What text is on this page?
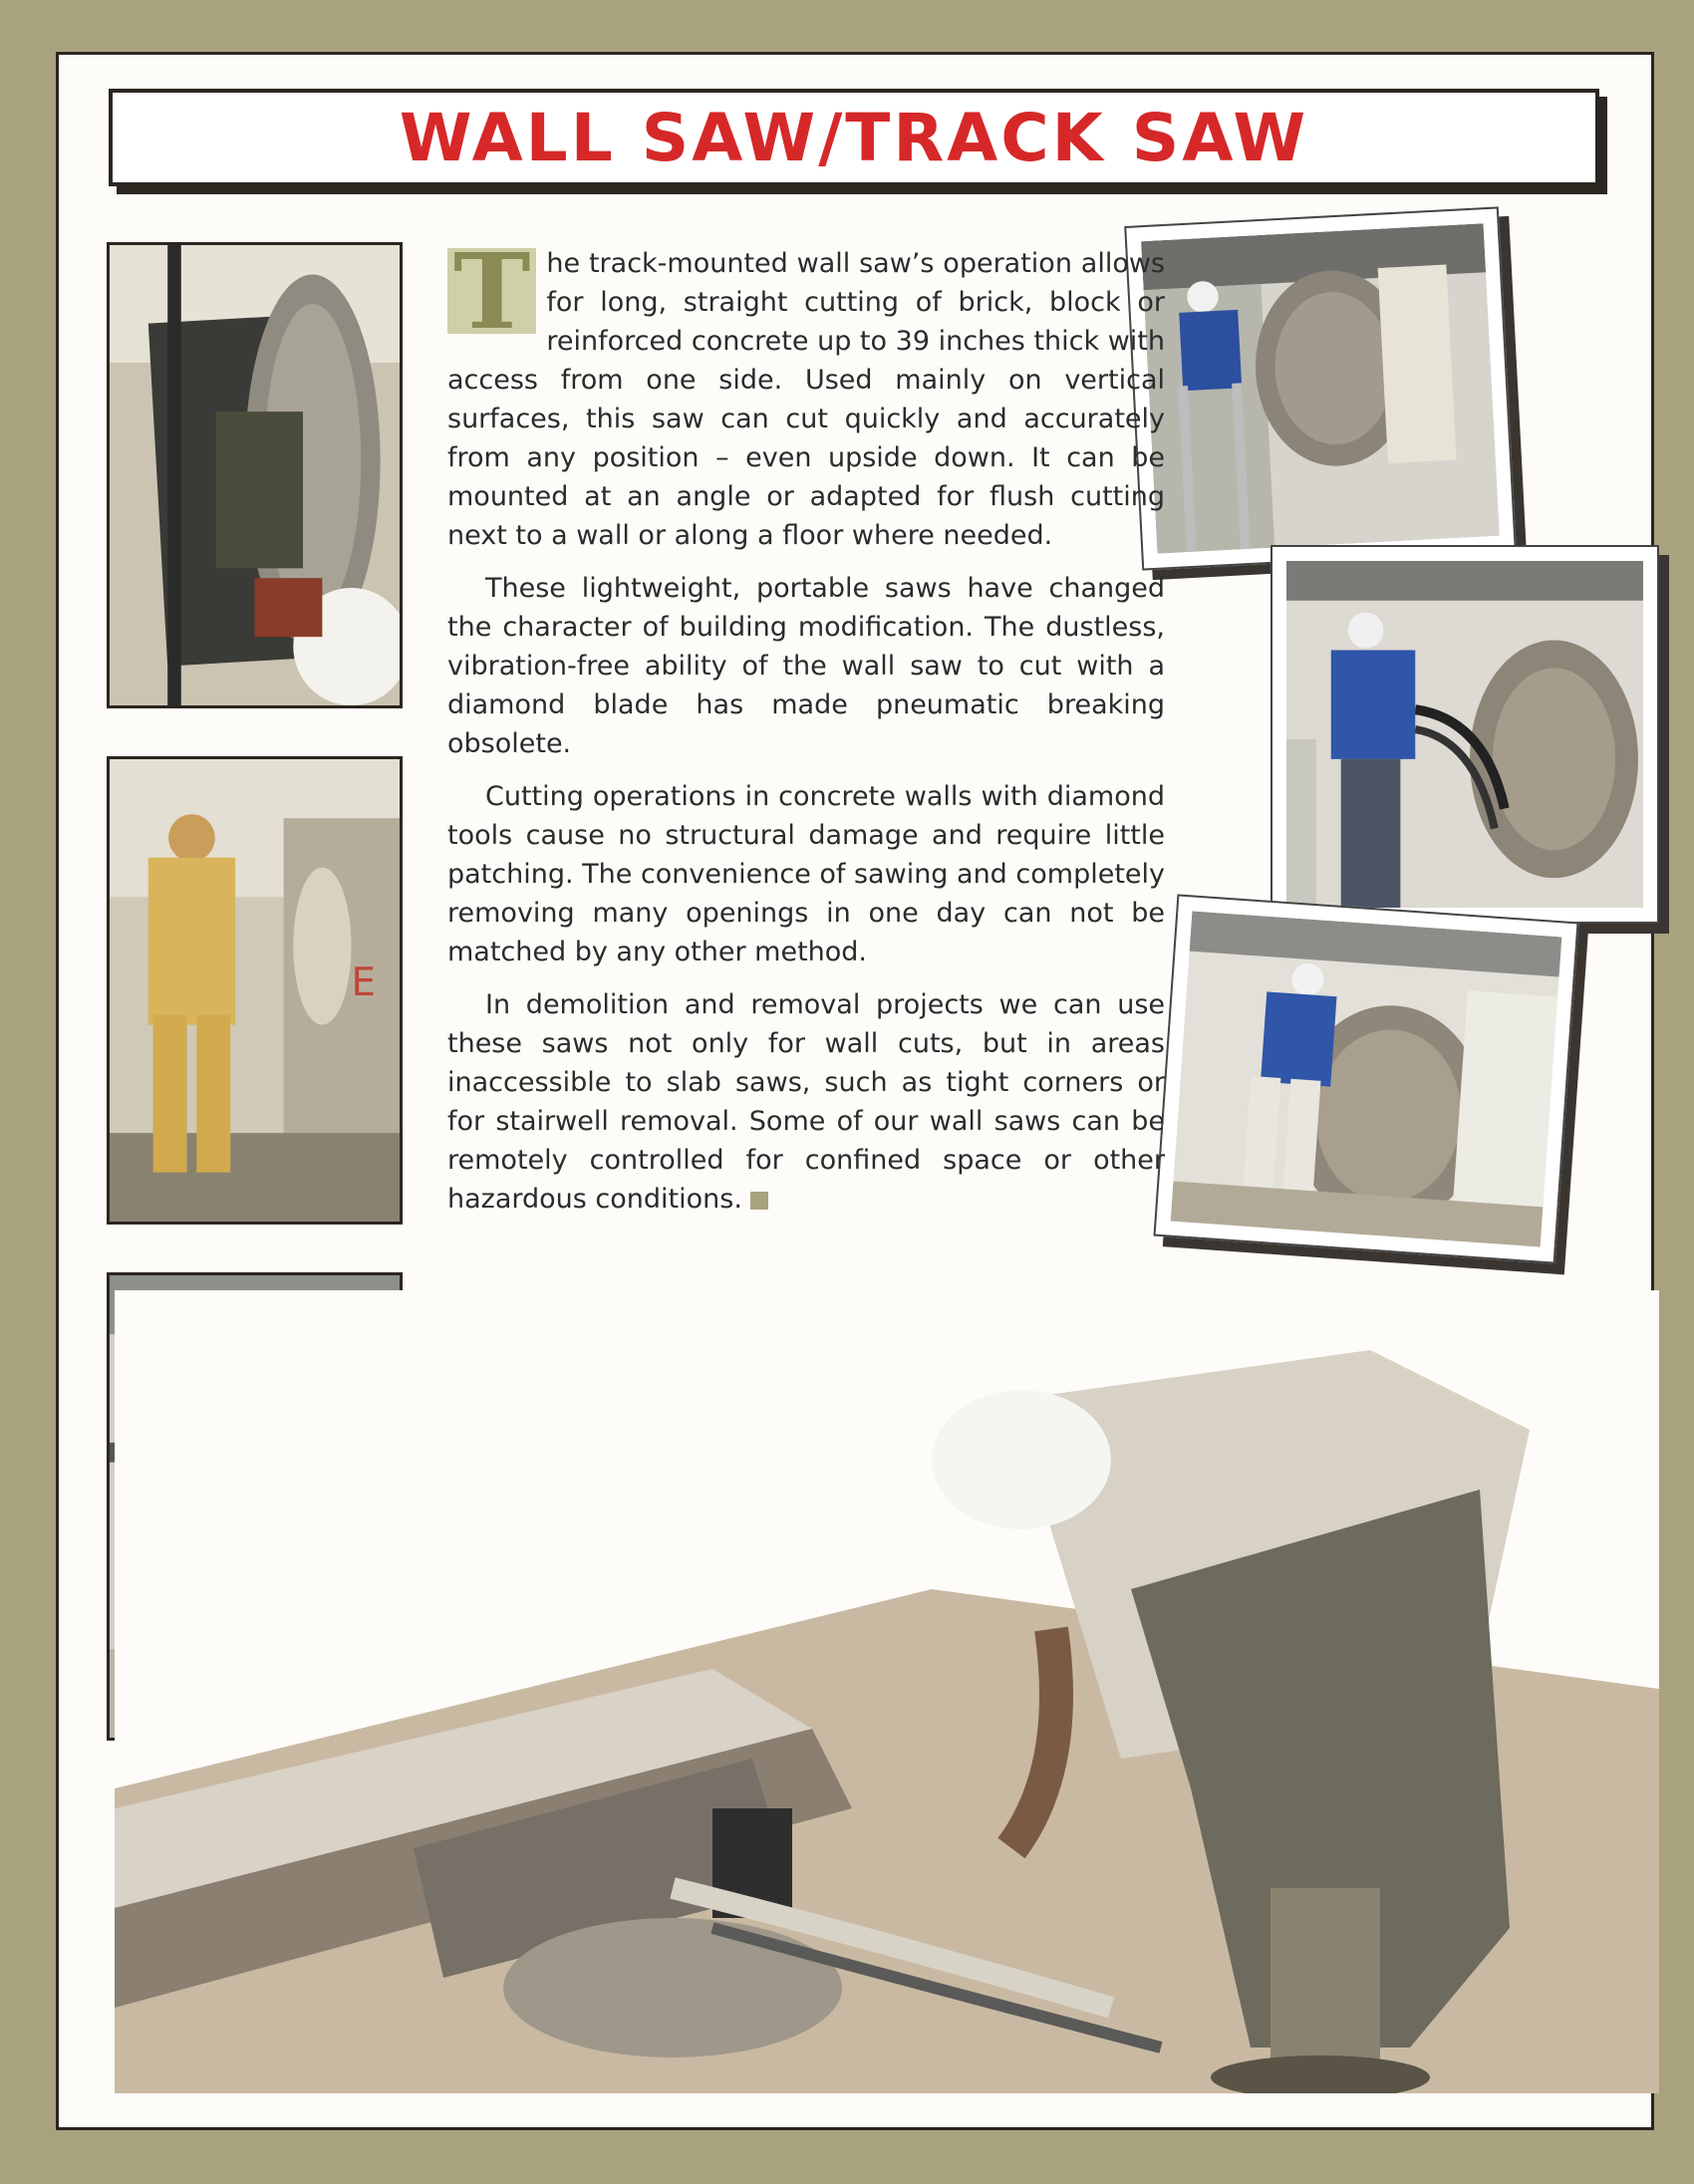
WALL SAW/TRACK SAW
E

T he track-mounted wall saw’s operation allows for long, straight cutting of brick, block or reinforced concrete up to 39 inches thick with access from one side. Used mainly on vertical surfaces, this saw can cut quickly and accurately from any position – even upside down. It can be mounted at an angle or adapted for flush cutting next to a wall or along a floor where needed.

These lightweight, portable saws have changed the character of building modification. The dustless, vibration-free ability of the wall saw to cut with a diamond blade has made pneumatic breaking obsolete.

Cutting operations in concrete walls with diamond tools cause no structural damage and require little patching. The convenience of sawing and completely removing many openings in one day can not be matched by any other method.

In demolition and removal projects we can use these saws not only for wall cuts, but in areas inaccessible to slab saws, such as tight corners or for stairwell removal. Some of our wall saws can be remotely controlled for confined space or other hazardous conditions.
